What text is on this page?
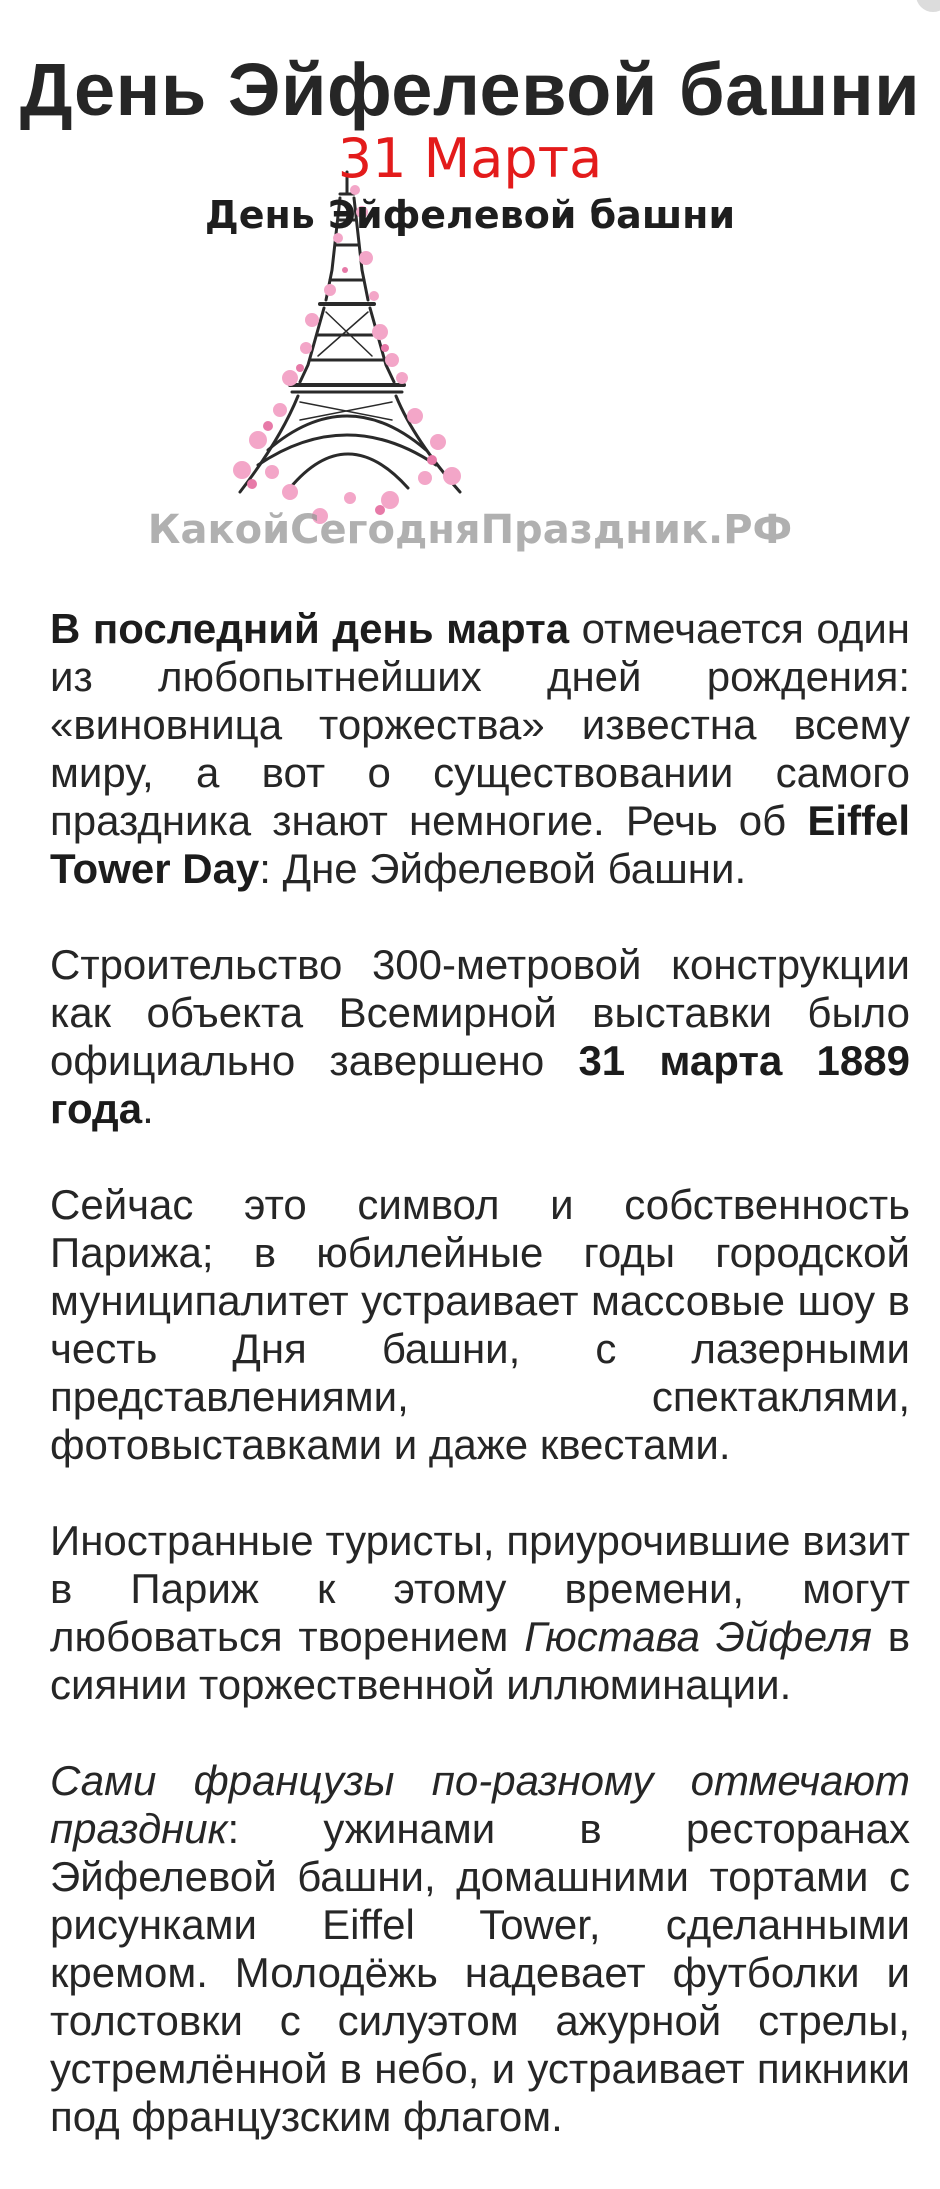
День Эйфелевой башни
31 Марта
День Эйфелевой башни
КакойСегодняПраздник.РФ

В последний день марта отмечается один из любопытнейших дней рождения: «виновница торжества» известна всему миру, а вот о существовании самого праздника знают немногие. Речь об Eiffel Tower Day: Дне Эйфелевой башни.

Строительство 300-метровой конструкции как объекта Всемирной выставки было официально завершено 31 марта 1889 года.

Сейчас это символ и собственность Парижа; в юбилейные годы городской муниципалитет устраивает массовые шоу в честь Дня башни, с лазерными представлениями, спектаклями, фотовыставками и даже квестами.

Иностранные туристы, приурочившие визит в Париж к этому времени, могут любоваться творением Гюстава Эйфеля в сиянии торжественной иллюминации.

Сами французы по-разному отмечают праздник: ужинами в ресторанах Эйфелевой башни, домашними тортами с рисунками Eiffel Tower, сделанными кремом. Молодёжь надевает футболки и толстовки с силуэтом ажурной стрелы, устремлённой в небо, и устраивает пикники под французским флагом.
